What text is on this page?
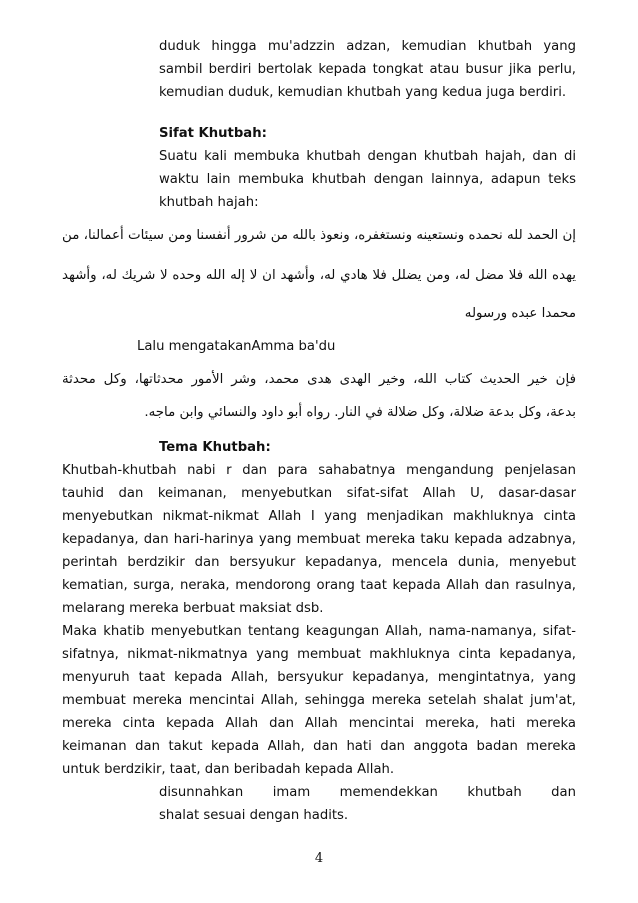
duduk hingga mu'adzzin adzan, kemudian khutbah yang
sambil berdiri bertolak kepada tongkat atau busur jika perlu,
kemudian duduk, kemudian khutbah yang kedua juga berdiri.
Sifat Khutbah:
Suatu kali membuka khutbah dengan khutbah hajah, dan di
waktu lain membuka khutbah dengan lainnya, adapun teks
khutbah hajah:
إن الحمد لله نحمده ونستعينه ونستغفره، ونعوذ بالله من شرور أنفسنا ومن سيئات أعمالنا، من
يهده الله فلا مضل له، ومن يضلل فلا هادي له، وأشهد ان لا إله الله وحده لا شريك له، وأشهد
محمدا عبده ورسوله
Lalu mengatakanAmma ba'du
فإن خير الحديث كتاب الله، وخير الهدى هدى محمد، وشر الأمور محدثاتها، وكل محدثة
بدعة، وكل بدعة ضلالة، وكل ضلالة في النار. رواه أبو داود والنسائي وابن ماجه.
Tema Khutbah:
Khutbah-khutbah nabi r dan para sahabatnya mengandung penjelasan
tauhid dan keimanan, menyebutkan sifat-sifat Allah U, dasar-dasar
menyebutkan nikmat-nikmat Allah I yang menjadikan makhluknya cinta
kepadanya, dan hari-harinya yang membuat mereka taku kepada adzabnya,
perintah berdzikir dan bersyukur kepadanya, mencela dunia, menyebut
kematian, surga, neraka, mendorong orang taat kepada Allah dan rasulnya,
melarang mereka berbuat maksiat dsb.
Maka khatib menyebutkan tentang keagungan Allah, nama-namanya, sifat-
sifatnya, nikmat-nikmatnya yang membuat makhluknya cinta kepadanya,
menyuruh taat kepada Allah, bersyukur kepadanya, mengintatnya, yang
membuat mereka mencintai Allah, sehingga mereka setelah shalat jum'at,
mereka cinta kepada Allah dan Allah mencintai mereka, hati mereka
keimanan dan takut kepada Allah, dan hati dan anggota badan mereka
untuk berdzikir, taat, dan beribadah kepada Allah.
disunnahkan imam memendekkan khutbah dan
shalat sesuai dengan hadits.
4
